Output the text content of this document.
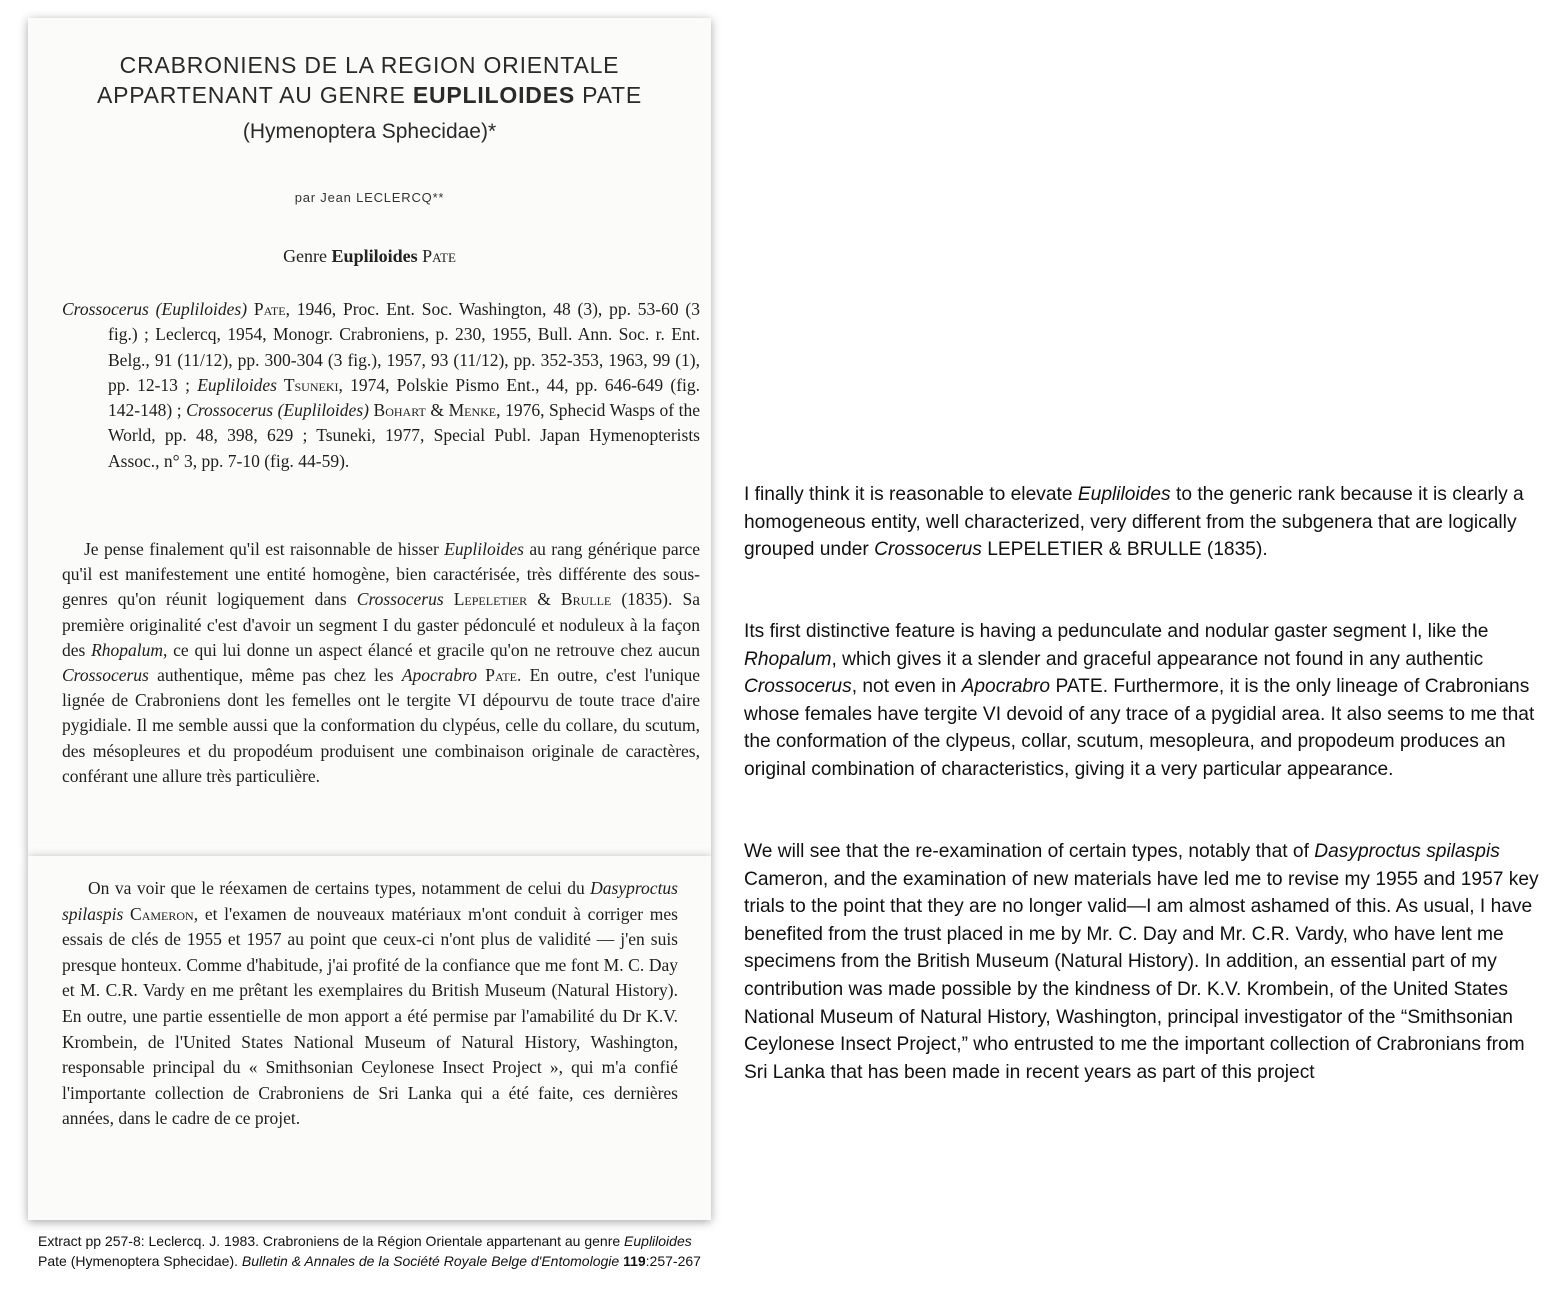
CRABRONIENS DE LA REGION ORIENTALE
APPARTENANT AU GENRE EUPLILOIDES PATE
(Hymenoptera Sphecidae)*
par Jean LECLERCQ**
Genre Eupliloides Pate
Crossocerus (Eupliloides) Pate, 1946, Proc. Ent. Soc. Washington, 48 (3), pp. 53-60 (3 fig.) ; Leclercq, 1954, Monogr. Crabroniens, p. 230, 1955, Bull. Ann. Soc. r. Ent. Belg., 91 (11/12), pp. 300-304 (3 fig.), 1957, 93 (11/12), pp. 352-353, 1963, 99 (1), pp. 12-13 ; Eupliloides Tsuneki, 1974, Polskie Pismo Ent., 44, pp. 646-649 (fig. 142-148) ; Crossocerus (Eupliloides) Bohart & Menke, 1976, Sphecid Wasps of the World, pp. 48, 398, 629 ; Tsuneki, 1977, Special Publ. Japan Hymenopterists Assoc., n° 3, pp. 7-10 (fig. 44-59).
Je pense finalement qu'il est raisonnable de hisser Eupliloides au rang générique parce qu'il est manifestement une entité homogène, bien caractérisée, très différente des sous-genres qu'on réunit logiquement dans Crossocerus Lepeletier & Brulle (1835). Sa première originalité c'est d'avoir un segment I du gaster pédonculé et noduleux à la façon des Rhopalum, ce qui lui donne un aspect élancé et gracile qu'on ne retrouve chez aucun Crossocerus authentique, même pas chez les Apocrabro Pate. En outre, c'est l'unique lignée de Crabroniens dont les femelles ont le tergite VI dépourvu de toute trace d'aire pygidiale. Il me semble aussi que la conformation du clypéus, celle du collare, du scutum, des mésopleures et du propodéum produisent une combinaison originale de caractères, conférant une allure très particulière.
On va voir que le réexamen de certains types, notamment de celui du Dasyproctus spilaspis Cameron, et l'examen de nouveaux matériaux m'ont conduit à corriger mes essais de clés de 1955 et 1957 au point que ceux-ci n'ont plus de validité — j'en suis presque honteux. Comme d'habitude, j'ai profité de la confiance que me font M. C. Day et M. C.R. Vardy en me prêtant les exemplaires du British Museum (Natural History). En outre, une partie essentielle de mon apport a été permise par l'amabilité du Dr K.V. Krombein, de l'United States National Museum of Natural History, Washington, responsable principal du « Smithsonian Ceylonese Insect Project », qui m'a confié l'importante collection de Crabroniens de Sri Lanka qui a été faite, ces dernières années, dans le cadre de ce projet.
Extract pp 257-8: Leclercq. J. 1983. Crabroniens de la Région Orientale appartenant au genre Eupliloides Pate (Hymenoptera Sphecidae). Bulletin & Annales de la Société Royale Belge d'Entomologie 119:257-267
I finally think it is reasonable to elevate Eupliloides to the generic rank because it is clearly a homogeneous entity, well characterized, very different from the subgenera that are logically grouped under Crossocerus LEPELETIER & BRULLE (1835).
Its first distinctive feature is having a pedunculate and nodular gaster segment I, like the Rhopalum, which gives it a slender and graceful appearance not found in any authentic Crossocerus, not even in Apocrabro PATE. Furthermore, it is the only lineage of Crabronians whose females have tergite VI devoid of any trace of a pygidial area. It also seems to me that the conformation of the clypeus, collar, scutum, mesopleura, and propodeum produces an original combination of characteristics, giving it a very particular appearance.
We will see that the re-examination of certain types, notably that of Dasyproctus spilaspis Cameron, and the examination of new materials have led me to revise my 1955 and 1957 key trials to the point that they are no longer valid—I am almost ashamed of this. As usual, I have benefited from the trust placed in me by Mr. C. Day and Mr. C.R. Vardy, who have lent me specimens from the British Museum (Natural History). In addition, an essential part of my contribution was made possible by the kindness of Dr. K.V. Krombein, of the United States National Museum of Natural History, Washington, principal investigator of the “Smithsonian Ceylonese Insect Project,” who entrusted to me the important collection of Crabronians from Sri Lanka that has been made in recent years as part of this project
